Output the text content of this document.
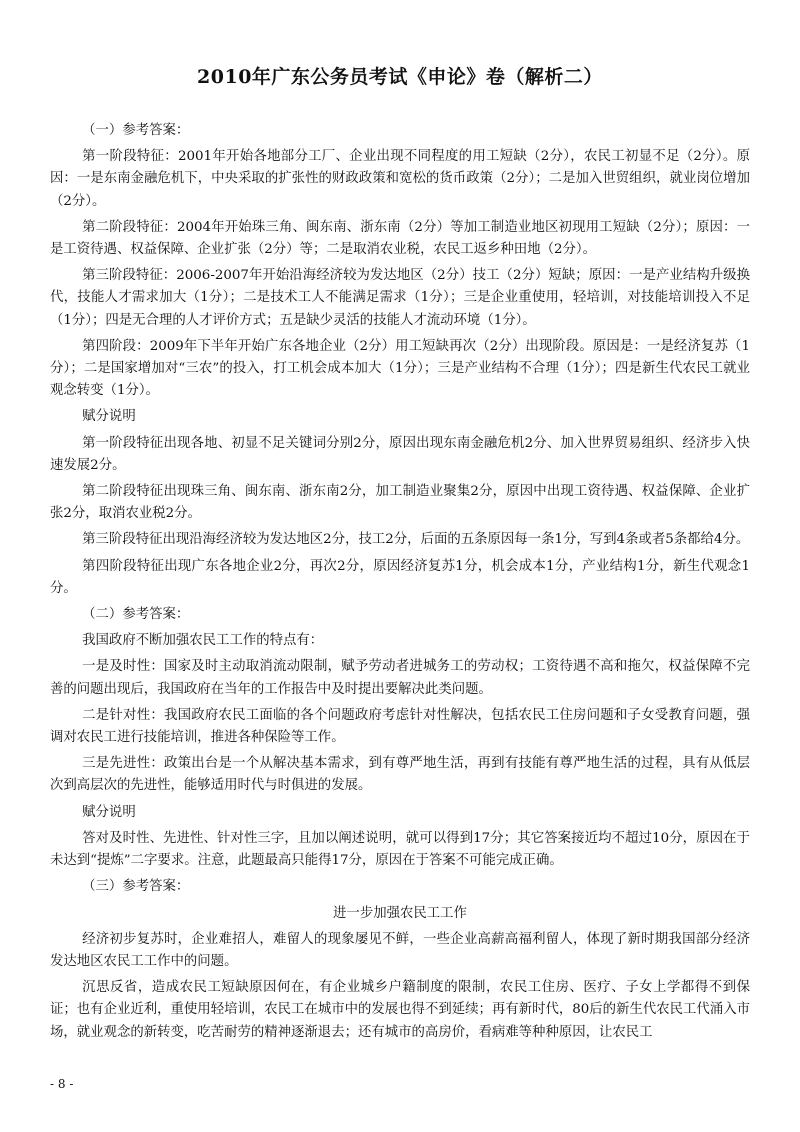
2010年广东公务员考试《申论》卷（解析二）

（一）参考答案：

第一阶段特征：2001年开始各地部分工厂、企业出现不同程度的用工短缺（2分），农民工初显不足（2分）。原因：一是东南金融危机下，中央采取的扩张性的财政政策和宽松的货币政策（2分）；二是加入世贸组织，就业岗位增加（2分）。

第二阶段特征：2004年开始珠三角、闽东南、浙东南（2分）等加工制造业地区初现用工短缺（2分）；原因：一是工资待遇、权益保障、企业扩张（2分）等；二是取消农业税，农民工返乡种田地（2分）。

第三阶段特征：2006-2007年开始沿海经济较为发达地区（2分）技工（2分）短缺；原因：一是产业结构升级换代，技能人才需求加大（1分）；二是技术工人不能满足需求（1分）；三是企业重使用，轻培训，对技能培训投入不足（1分）；四是无合理的人才评价方式；五是缺少灵活的技能人才流动环境（1分）。

第四阶段：2009年下半年开始广东各地企业（2分）用工短缺再次（2分）出现阶段。原因是：一是经济复苏（1分）；二是国家增加对“三农”的投入，打工机会成本加大（1分）；三是产业结构不合理（1分）；四是新生代农民工就业观念转变（1分）。

赋分说明

第一阶段特征出现各地、初显不足关键词分别2分，原因出现东南金融危机2分、加入世界贸易组织、经济步入快速发展2分。

第二阶段特征出现珠三角、闽东南、浙东南2分，加工制造业聚集2分，原因中出现工资待遇、权益保障、企业扩张2分，取消农业税2分。

第三阶段特征出现沿海经济较为发达地区2分，技工2分，后面的五条原因每一条1分，写到4条或者5条都给4分。

第四阶段特征出现广东各地企业2分，再次2分，原因经济复苏1分，机会成本1分，产业结构1分，新生代观念1分。

（二）参考答案：

我国政府不断加强农民工工作的特点有：

一是及时性：国家及时主动取消流动限制，赋予劳动者进城务工的劳动权；工资待遇不高和拖欠，权益保障不完善的问题出现后，我国政府在当年的工作报告中及时提出要解决此类问题。

二是针对性：我国政府农民工面临的各个问题政府考虑针对性解决，包括农民工住房问题和子女受教育问题，强调对农民工进行技能培训，推进各种保险等工作。

三是先进性：政策出台是一个从解决基本需求，到有尊严地生活，再到有技能有尊严地生活的过程，具有从低层次到高层次的先进性，能够适用时代与时俱进的发展。

赋分说明

答对及时性、先进性、针对性三字，且加以阐述说明，就可以得到17分；其它答案接近均不超过10分，原因在于未达到“提炼”二字要求。注意，此题最高只能得17分，原因在于答案不可能完成正确。

（三）参考答案：

进一步加强农民工工作

经济初步复苏时，企业难招人，难留人的现象屡见不鲜，一些企业高薪高福利留人，体现了新时期我国部分经济发达地区农民工工作中的问题。

沉思反省，造成农民工短缺原因何在，有企业城乡户籍制度的限制，农民工住房、医疗、子女上学都得不到保证；也有企业近利，重使用轻培训，农民工在城市中的发展也得不到延续；再有新时代，80后的新生代农民工代涌入市场，就业观念的新转变，吃苦耐劳的精神逐渐退去；还有城市的高房价，看病难等种种原因，让农民工

- 8 -
